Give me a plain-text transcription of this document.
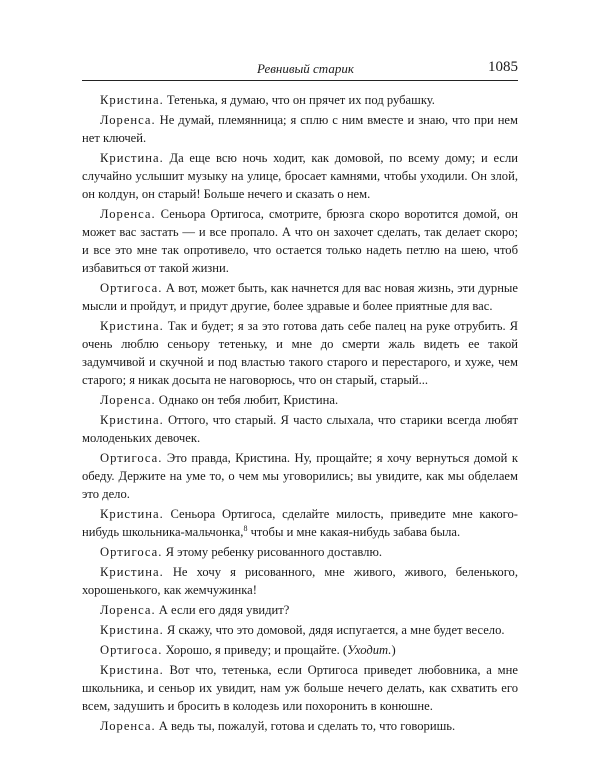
Ревнивый старик	1085

Кристина. Тетенька, я думаю, что он прячет их под рубашку.

Лоренса. Не думай, племянница; я сплю с ним вместе и знаю, что при нем нет ключей.

Кристина. Да еще всю ночь ходит, как домовой, по всему дому; и если случайно услышит музыку на улице, бросает камнями, чтобы уходили. Он злой, он колдун, он старый! Больше нечего и сказать о нем.

Лоренса. Сеньора Ортигоса, смотрите, брюзга скоро воротится домой, он может вас застать — и все пропало. А что он захочет сделать, так делает скоро; и все это мне так опротивело, что остается только надеть петлю на шею, чтоб избавиться от такой жизни.

Ортигоса. А вот, может быть, как начнется для вас новая жизнь, эти дурные мысли и пройдут, и придут другие, более здравые и более приятные для вас.

Кристина. Так и будет; я за это готова дать себе палец на руке отрубить. Я очень люблю сеньору тетеньку, и мне до смерти жаль видеть ее такой задумчивой и скучной и под властью такого старого и перестарого, и хуже, чем старого; я никак досыта не наговорюсь, что он старый, старый...

Лоренса. Однако он тебя любит, Кристина.

Кристина. Оттого, что старый. Я часто слыхала, что старики всегда любят молоденьких девочек.

Ортигоса. Это правда, Кристина. Ну, прощайте; я хочу вернуться домой к обеду. Держите на уме то, о чем мы уговорились; вы увидите, как мы обделаем это дело.

Кристина. Сеньора Ортигоса, сделайте милость, приведите мне какого-нибудь школьника-мальчонка,$^8$ чтобы и мне какая-нибудь забава была.

Ортигоса. Я этому ребенку рисованного доставлю.

Кристина. Не хочу я рисованного, мне живого, живого, беленького, хорошенького, как жемчужинка!

Лоренса. А если его дядя увидит?

Кристина. Я скажу, что это домовой, дядя испугается, а мне будет весело.

Ортигоса. Хорошо, я приведу; и прощайте. (Уходит.)

Кристина. Вот что, тетенька, если Ортигоса приведет любовника, а мне школьника, и сеньор их увидит, нам уж больше нечего делать, как схватить его всем, задушить и бросить в колодезь или похоронить в конюшне.

Лоренса. А ведь ты, пожалуй, готова и сделать то, что говоришь.
